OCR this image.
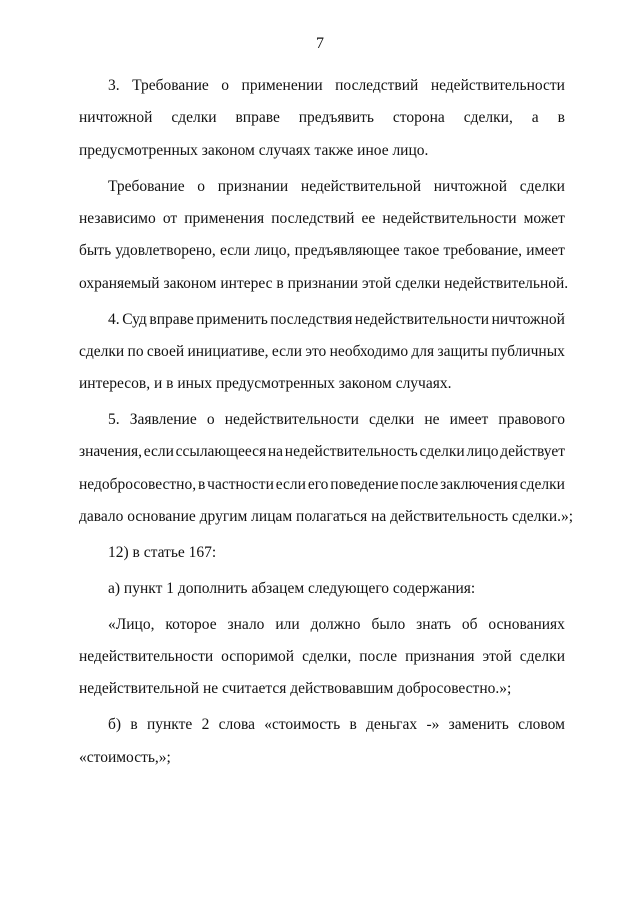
7
3. Требование о применении последствий недействительности
ничтожной сделки вправе предъявить сторона сделки, а в
предусмотренных законом случаях также иное лицо.
Требование о признании недействительной ничтожной сделки
независимо от применения последствий ее недействительности может
быть удовлетворено, если лицо, предъявляющее такое требование, имеет
охраняемый законом интерес в признании этой сделки недействительной.
4. Суд вправе применить последствия недействительности ничтожной
сделки по своей инициативе, если это необходимо для защиты публичных
интересов, и в иных предусмотренных законом случаях.
5. Заявление о недействительности сделки не имеет правового
значения, если ссылающееся на недействительность сделки лицо действует
недобросовестно, в частности если его поведение после заключения сделки
давало основание другим лицам полагаться на действительность сделки.»;
12) в статье 167:
а) пункт 1 дополнить абзацем следующего содержания:
«Лицо, которое знало или должно было знать об основаниях
недействительности оспоримой сделки, после признания этой сделки
недействительной не считается действовавшим добросовестно.»;
б) в пункте 2 слова «стоимость в деньгах -» заменить словом
«стоимость,»;
